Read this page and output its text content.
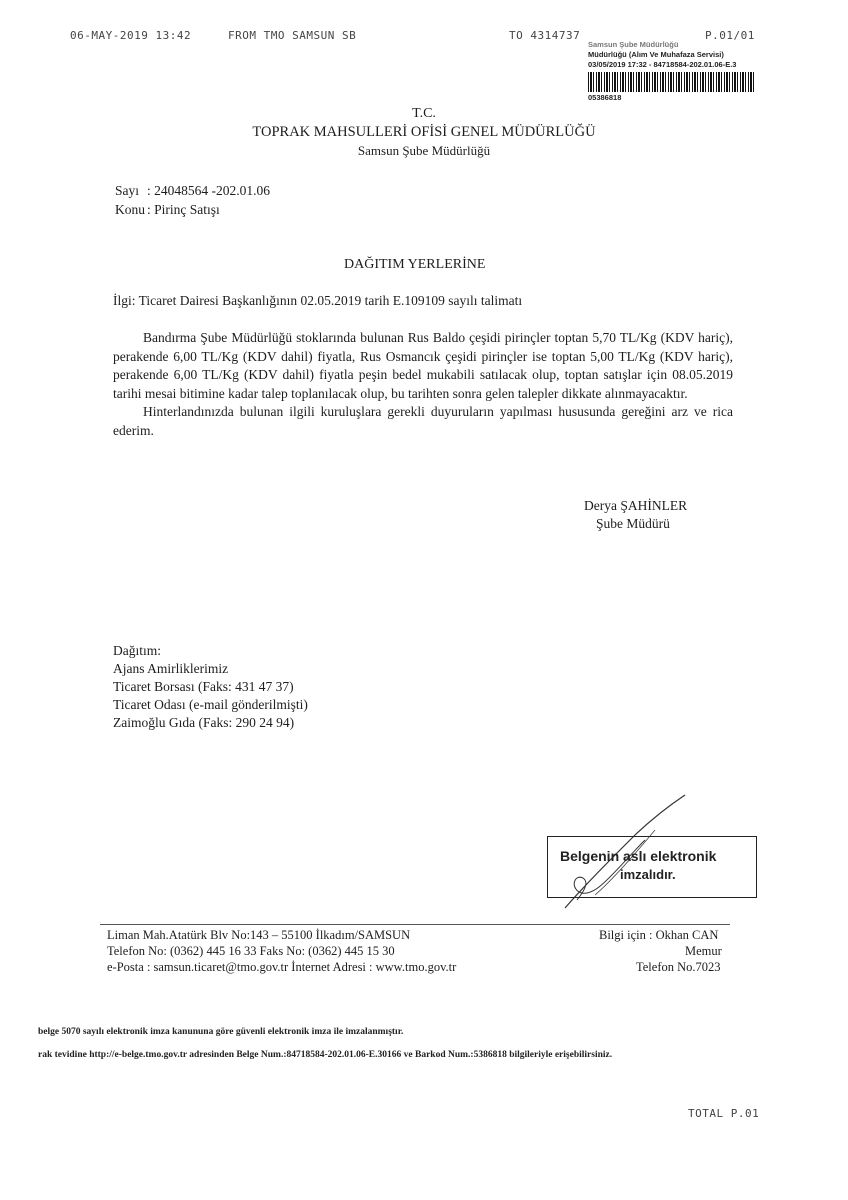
06-MAY-2019 13:42	FROM TMO SAMSUN SB	TO 4314737	P.01/01
Samsun Şube Müdürlüğü
Müdürlüğü (Alım Ve Muhafaza Servisi)
03/05/2019 17:32 - 84718584-202.01.06-E.3
05386818
T.C.
TOPRAK MAHSULLERİ OFİSİ GENEL MÜDÜRLÜĞÜ
Samsun Şube Müdürlüğü
Sayı : 24048564 -202.01.06
Konu : Pirinç Satışı
DAĞITIM YERLERİNE
İlgi: Ticaret Dairesi Başkanlığının 02.05.2019 tarih E.109109 sayılı talimatı

Bandırma Şube Müdürlüğü stoklarında bulunan Rus Baldo çeşidi pirinçler toptan 5,70 TL/Kg (KDV hariç), perakende 6,00 TL/Kg (KDV dahil) fiyatla, Rus Osmancık çeşidi pirinçler ise toptan 5,00 TL/Kg (KDV hariç), perakende 6,00 TL/Kg (KDV dahil) fiyatla peşin bedel mukabili satılacak olup, toptan satışlar için 08.05.2019 tarihi mesai bitimine kadar talep toplanılacak olup, bu tarihten sonra gelen talepler dikkate alınmayacaktır.

Hinterlandınızda bulunan ilgili kuruluşlara gerekli duyuruların yapılması hususunda gereğini arz ve rica ederim.

Derya ŞAHİNLER
Şube Müdürü
Dağıtım:
Ajans Amirliklerimiz
Ticaret Borsası (Faks: 431 47 37)
Ticaret Odası (e-mail gönderilmişti)
Zaimoğlu Gıda (Faks: 290 24 94)
Belgenin aslı elektronik
imzalıdır.
Liman Mah.Atatürk Blv No:143 – 55100 İlkadım/SAMSUN
Telefon No: (0362) 445 16 33 Faks No: (0362) 445 15 30
e-Posta : samsun.ticaret@tmo.gov.tr İnternet Adresi : www.tmo.gov.tr
Bilgi için : Okhan CAN
Memur
Telefon No.7023
belge 5070 sayılı elektronik imza kanununa göre güvenli elektronik imza ile imzalanmıştır.
rak tevidine http://e-belge.tmo.gov.tr adresinden Belge Num.:84718584-202.01.06-E.30166 ve Barkod Num.:5386818 bilgileriyle erişebilirsiniz.
TOTAL P.01
